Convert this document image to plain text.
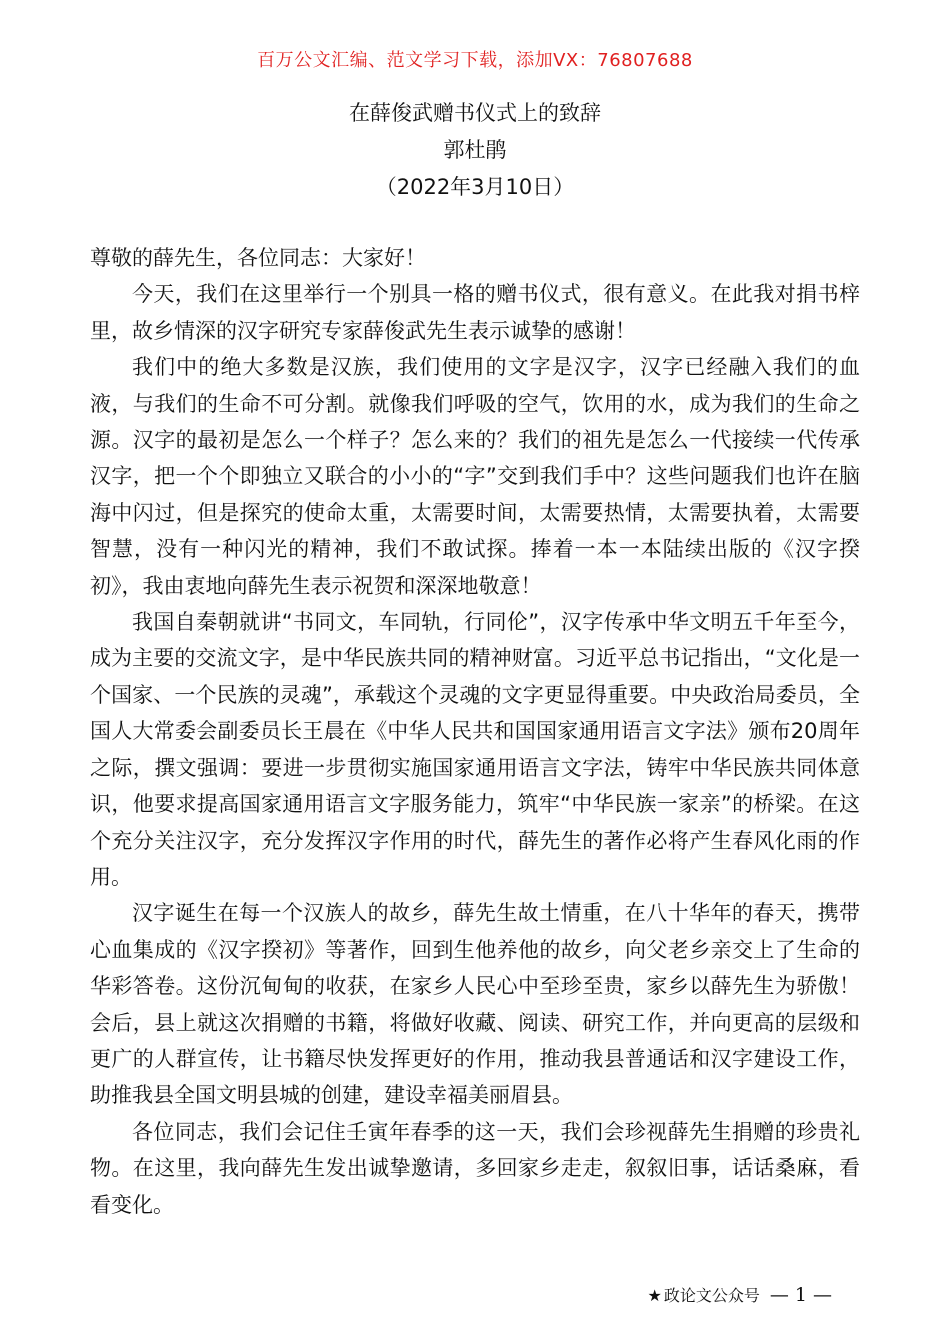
百万公文汇编、范文学习下载，添加VX：76807688
在薛俊武赠书仪式上的致辞
郭杜鹃
（2022年3月10日）

尊敬的薛先生，各位同志：大家好！

今天，我们在这里举行一个别具一格的赠书仪式，很有意义。在此我对捐书梓里，故乡情深的汉字研究专家薛俊武先生表示诚挚的感谢！

我们中的绝大多数是汉族，我们使用的文字是汉字，汉字已经融入我们的血液，与我们的生命不可分割。就像我们呼吸的空气，饮用的水，成为我们的生命之源。汉字的最初是怎么一个样子？怎么来的？我们的祖先是怎么一代接续一代传承汉字，把一个个即独立又联合的小小的“字”交到我们手中？这些问题我们也许在脑海中闪过，但是探究的使命太重，太需要时间，太需要热情，太需要执着，太需要智慧，没有一种闪光的精神，我们不敢试探。捧着一本一本陆续出版的《汉字揆初》，我由衷地向薛先生表示祝贺和深深地敬意！

我国自秦朝就讲“书同文，车同轨，行同伦”，汉字传承中华文明五千年至今，成为主要的交流文字，是中华民族共同的精神财富。习近平总书记指出，“文化是一个国家、一个民族的灵魂”，承载这个灵魂的文字更显得重要。中央政治局委员，全国人大常委会副委员长王晨在《中华人民共和国国家通用语言文字法》颁布20周年之际，撰文强调：要进一步贯彻实施国家通用语言文字法，铸牢中华民族共同体意识，他要求提高国家通用语言文字服务能力，筑牢“中华民族一家亲”的桥梁。在这个充分关注汉字，充分发挥汉字作用的时代，薛先生的著作必将产生春风化雨的作用。

汉字诞生在每一个汉族人的故乡，薛先生故土情重，在八十华年的春天，携带心血集成的《汉字揆初》等著作，回到生他养他的故乡，向父老乡亲交上了生命的华彩答卷。这份沉甸甸的收获，在家乡人民心中至珍至贵，家乡以薛先生为骄傲！会后，县上就这次捐赠的书籍，将做好收藏、阅读、研究工作，并向更高的层级和更广的人群宣传，让书籍尽快发挥更好的作用，推动我县普通话和汉字建设工作，助推我县全国文明县城的创建，建设幸福美丽眉县。

各位同志，我们会记住壬寅年春季的这一天，我们会珍视薛先生捐赠的珍贵礼物。在这里，我向薛先生发出诚挚邀请，多回家乡走走，叙叙旧事，话话桑麻，看看变化。

★ 政论文公众号 — 1 —
